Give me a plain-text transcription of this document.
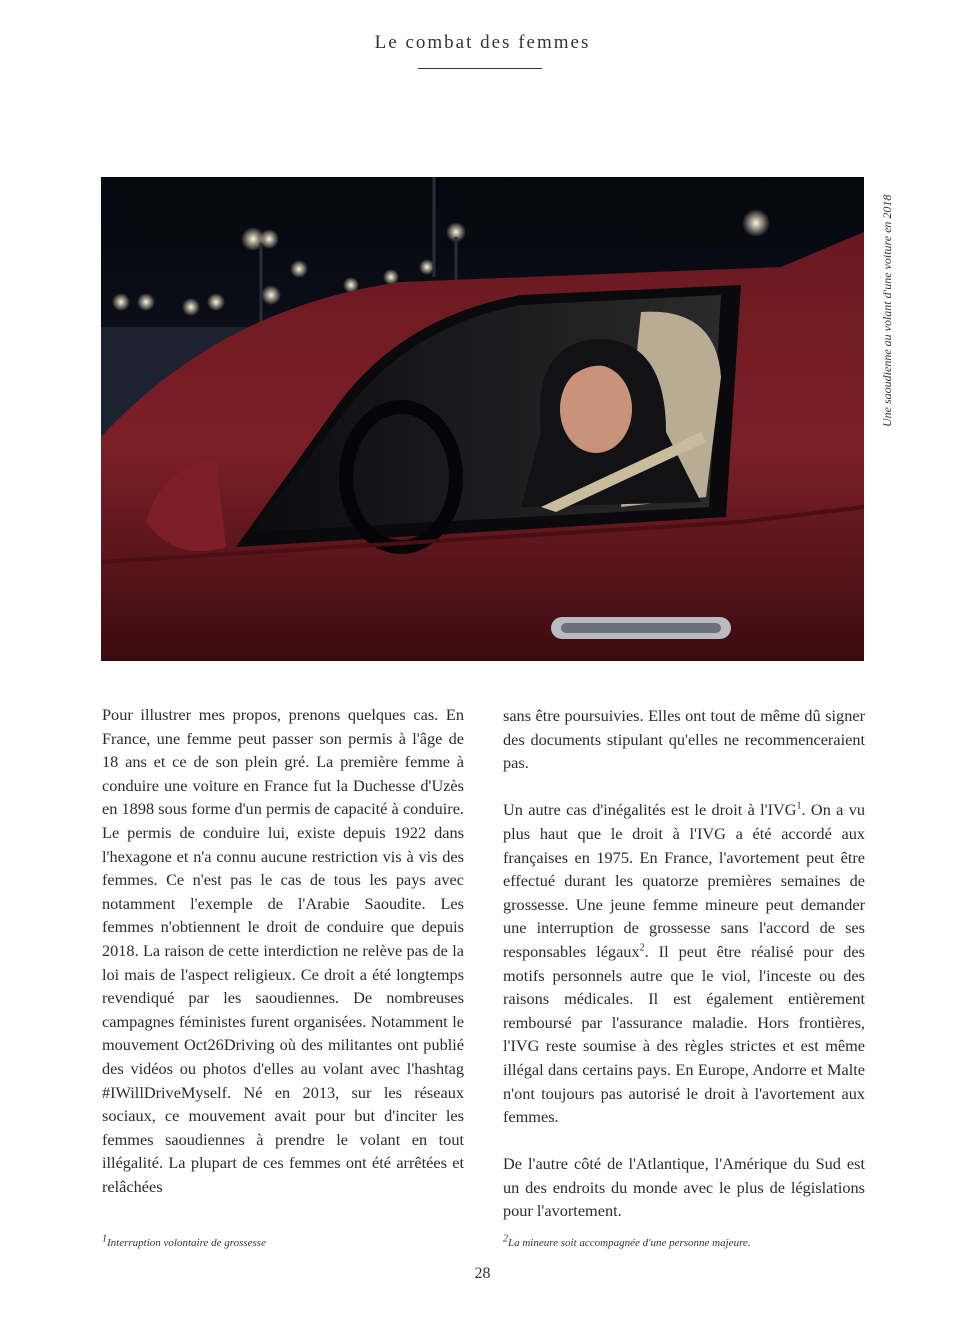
Le combat des femmes
Une saoudienne au volant d'une voiture en 2018

Pour illustrer mes propos, prenons quelques cas. En France, une femme peut passer son permis à l'âge de 18 ans et ce de son plein gré. La première femme à conduire une voiture en France fut la Duchesse d'Uzès en 1898 sous forme d'un permis de capacité à conduire. Le permis de conduire lui, existe depuis 1922 dans l'hexagone et n'a connu aucune restriction vis à vis des femmes. Ce n'est pas le cas de tous les pays avec notamment l'exemple de l'Arabie Saoudite. Les femmes n'obtiennent le droit de conduire que depuis 2018. La raison de cette interdiction ne relève pas de la loi mais de l'aspect religieux. Ce droit a été longtemps revendiqué par les saoudiennes. De nombreuses campagnes féministes furent organisées. Notamment le mouvement Oct26Driving où des militantes ont publié des vidéos ou photos d'elles au volant avec l'hashtag #IWillDriveMyself. Né en 2013, sur les réseaux sociaux, ce mouvement avait pour but d'inciter les femmes saoudiennes à prendre le volant en tout illégalité. La plupart de ces femmes ont été arrêtées et relâchées

sans être poursuivies. Elles ont tout de même dû signer des documents stipulant qu'elles ne recommenceraient pas.

Un autre cas d'inégalités est le droit à l'IVG$^1$. On a vu plus haut que le droit à l'IVG a été accordé aux françaises en 1975. En France, l'avortement peut être effectué durant les quatorze premières semaines de grossesse. Une jeune femme mineure peut demander une interruption de grossesse sans l'accord de ses responsables légaux$^2$. Il peut être réalisé pour des motifs personnels autre que le viol, l'inceste ou des raisons médicales. Il est également entièrement remboursé par l'assurance maladie. Hors frontières, l'IVG reste soumise à des règles strictes et est même illégal dans certains pays. En Europe, Andorre et Malte n'ont toujours pas autorisé le droit à l'avortement aux femmes.

De l'autre côté de l'Atlantique, l'Amérique du Sud est un des endroits du monde avec le plus de législations pour l'avortement.

$^1$Interruption volontaire de grossesse	$^2$La mineure soit accompagnée d'une personne majeure.
28
